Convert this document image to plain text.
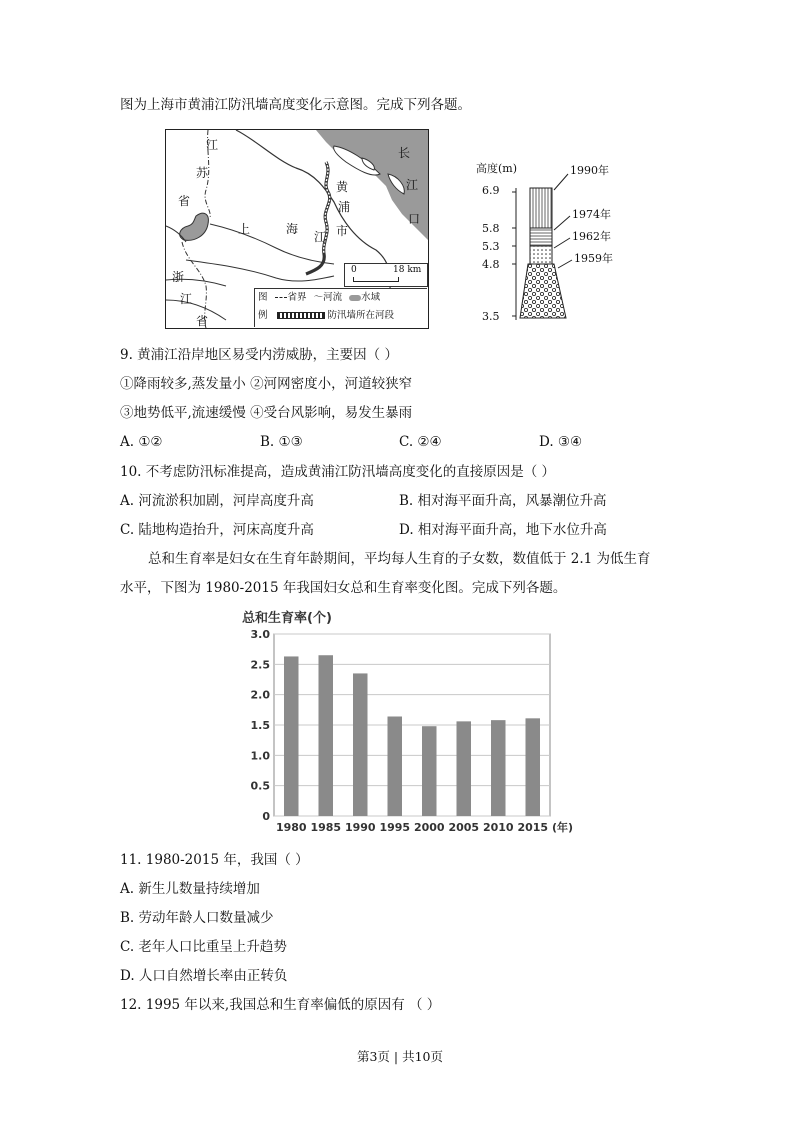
图为上海市黄浦江防汛墙高度变化示意图。完成下列各题。
江
苏
省
浙
江
省
上	海	市
黄
浦
江
长
江
口
0	18 km
图 省界 〜河流 水域
例	防汛墙所在河段
高度(m)
6.9
5.8
5.3
4.8
3.5
1990年
1974年
1962年
1959年
9. 黄浦江沿岸地区易受内涝威胁，主要因（ ）
①降雨较多,蒸发量小 ②河网密度小，河道较狭窄
③地势低平,流速缓慢 ④受台风影响，易发生暴雨
A. ①②	B. ①③	C. ②④	D. ③④
10. 不考虑防汛标准提高，造成黄浦江防汛墙高度变化的直接原因是（ ）
A. 河流淤积加剧，河岸高度升高	B. 相对海平面升高，风暴潮位升高
C. 陆地构造抬升，河床高度升高	D. 相对海平面升高，地下水位升高
总和生育率是妇女在生育年龄期间，平均每人生育的子女数，数值低于 2.1 为低生育
水平，下图为 1980-2015 年我国妇女总和生育率变化图。完成下列各题。
总和生育率(个)
0
0.5
1.0
1.5
2.0
2.5
3.0
1980 1985 1990 1995 2000 2005 2010 2015 (年)
11. 1980-2015 年，我国（ ）
A. 新生儿数量持续增加
B. 劳动年龄人口数量减少
C. 老年人口比重呈上升趋势
D. 人口自然增长率由正转负
12. 1995 年以来,我国总和生育率偏低的原因有 （ ）
第3页 | 共10页
